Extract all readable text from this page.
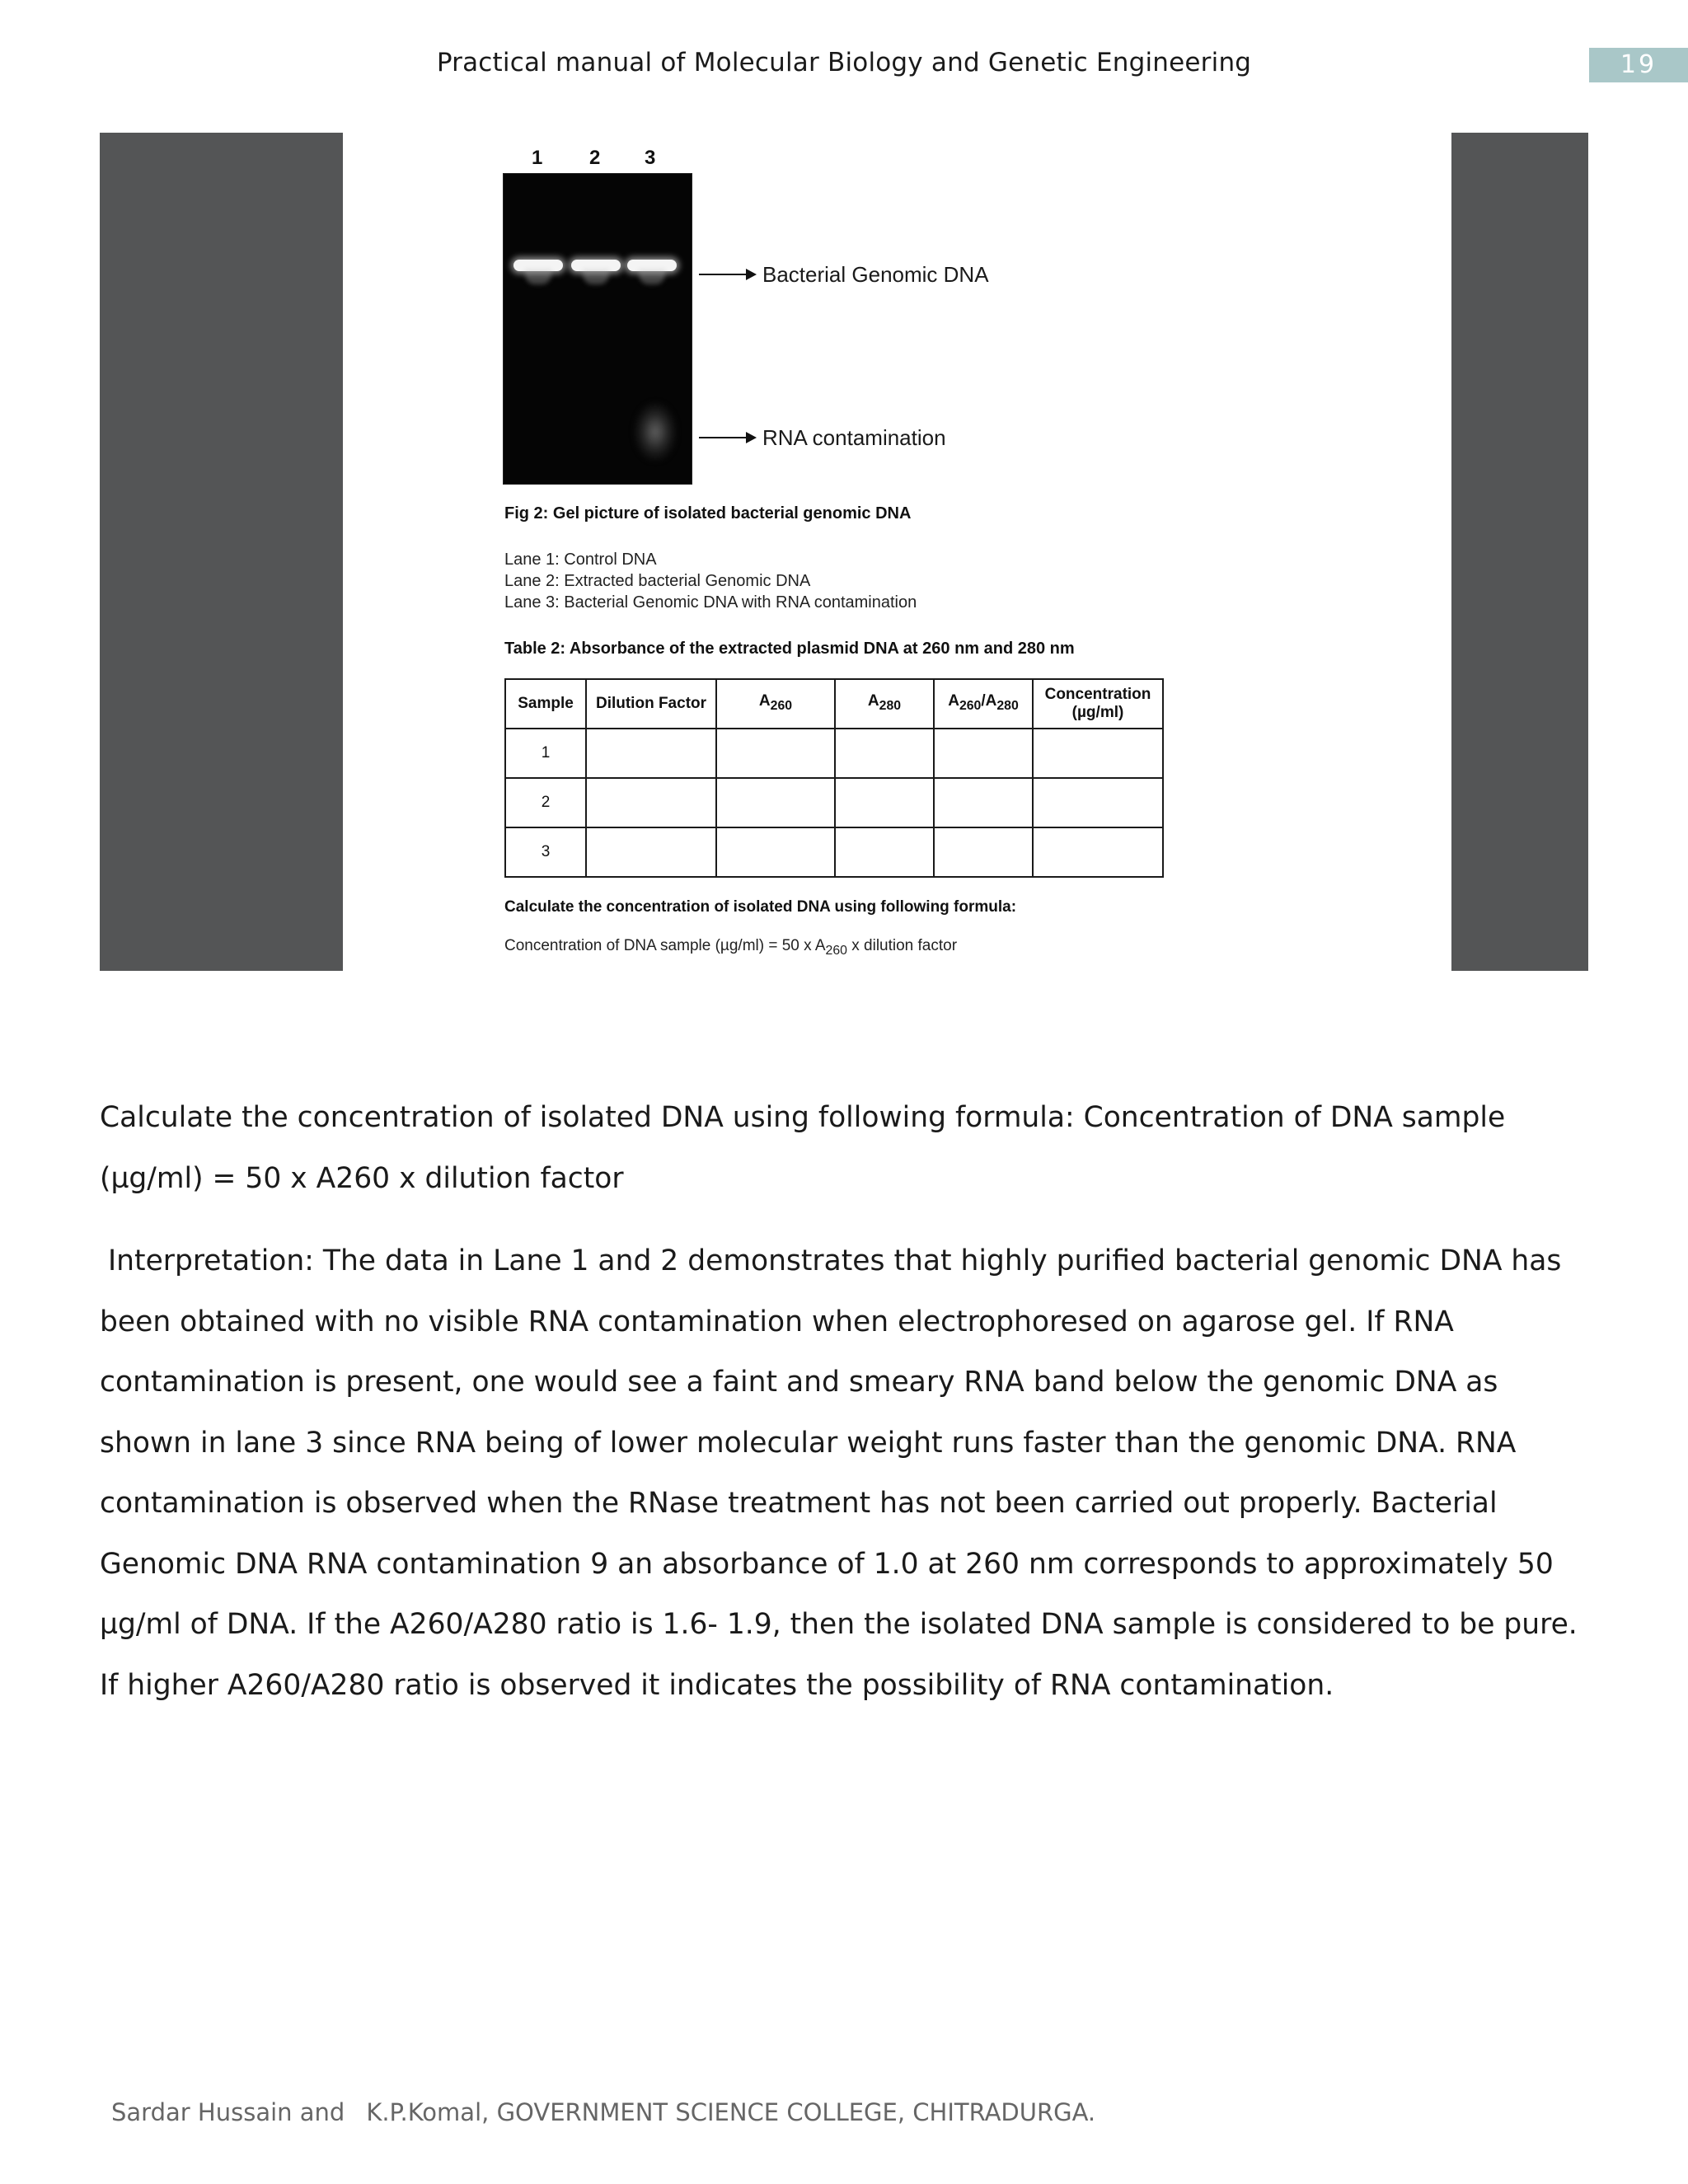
Practical manual of Molecular Biology and Genetic Engineering	19
1 2 3
Bacterial Genomic DNA
RNA contamination
Fig 2: Gel picture of isolated bacterial genomic DNA
Lane 1: Control DNA
Lane 2: Extracted bacterial Genomic DNA
Lane 3: Bacterial Genomic DNA with RNA contamination
Table 2: Absorbance of the extracted plasmid DNA at 260 nm and 280 nm
Sample	Dilution Factor	$A_{260}$	$A_{280}$	$A_{260}/A_{280}$	Concentration
(µg/ml)
1					
2					
3					
Calculate the concentration of isolated DNA using following formula:
Concentration of DNA sample (µg/ml) = 50 x $A_{260}$ x dilution factor
Calculate the concentration of isolated DNA using following formula: Concentration of DNA sample (µg/ml) = 50 x A260 x dilution factor
Interpretation: The data in Lane 1 and 2 demonstrates that highly purified bacterial genomic DNA has been obtained with no visible RNA contamination when electrophoresed on agarose gel. If RNA contamination is present, one would see a faint and smeary RNA band below the genomic DNA as shown in lane 3 since RNA being of lower molecular weight runs faster than the genomic DNA. RNA contamination is observed when the RNase treatment has not been carried out properly. Bacterial Genomic DNA RNA contamination 9 an absorbance of 1.0 at 260 nm corresponds to approximately 50 µg/ml of DNA. If the A260/A280 ratio is 1.6- 1.9, then the isolated DNA sample is considered to be pure. If higher A260/A280 ratio is observed it indicates the possibility of RNA contamination.
Sardar Hussain and K.P.Komal, GOVERNMENT SCIENCE COLLEGE, CHITRADURGA.
